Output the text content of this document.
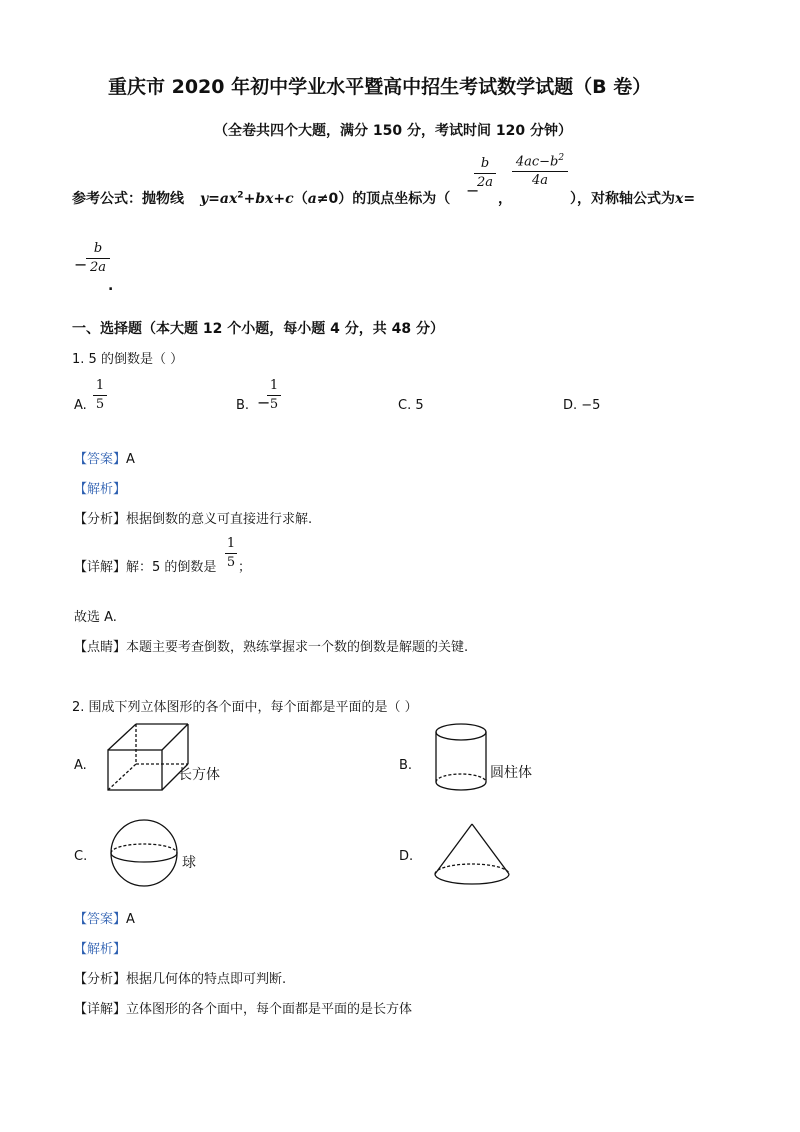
重庆市 2020 年初中学业水平暨高中招生考试数学试题（B 卷）
（全卷共四个大题，满分 150 分，考试时间 120 分钟）
参考公式：抛物线 $y=ax^2+bx+c(a\ne 0)$的顶点坐标为（ −
b
2a
，
$4ac-b^2$
4a
），对称轴公式为x=
−
b
2a
.
一、选择题（本大题 12 个小题，每小题 4 分，共 48 分）
1. 5 的倒数是（ ）
A.
1
5	B. −
1
5	C. 5	D. −5
【答案】A
【解析】
【分析】根据倒数的意义可直接进行求解.
【详解】解：5 的倒数是
1
5 ；
故选 A.
【点睛】本题主要考查倒数，熟练掌握求一个数的倒数是解题的关键.
2. 围成下列立体图形的各个面中，每个面都是平面的是（ ）
A.
长方体
B.	圆柱体
C.	球	D.
【答案】A
【解析】
【分析】根据几何体的特点即可判断.
【详解】立体图形的各个面中，每个面都是平面的是长方体
